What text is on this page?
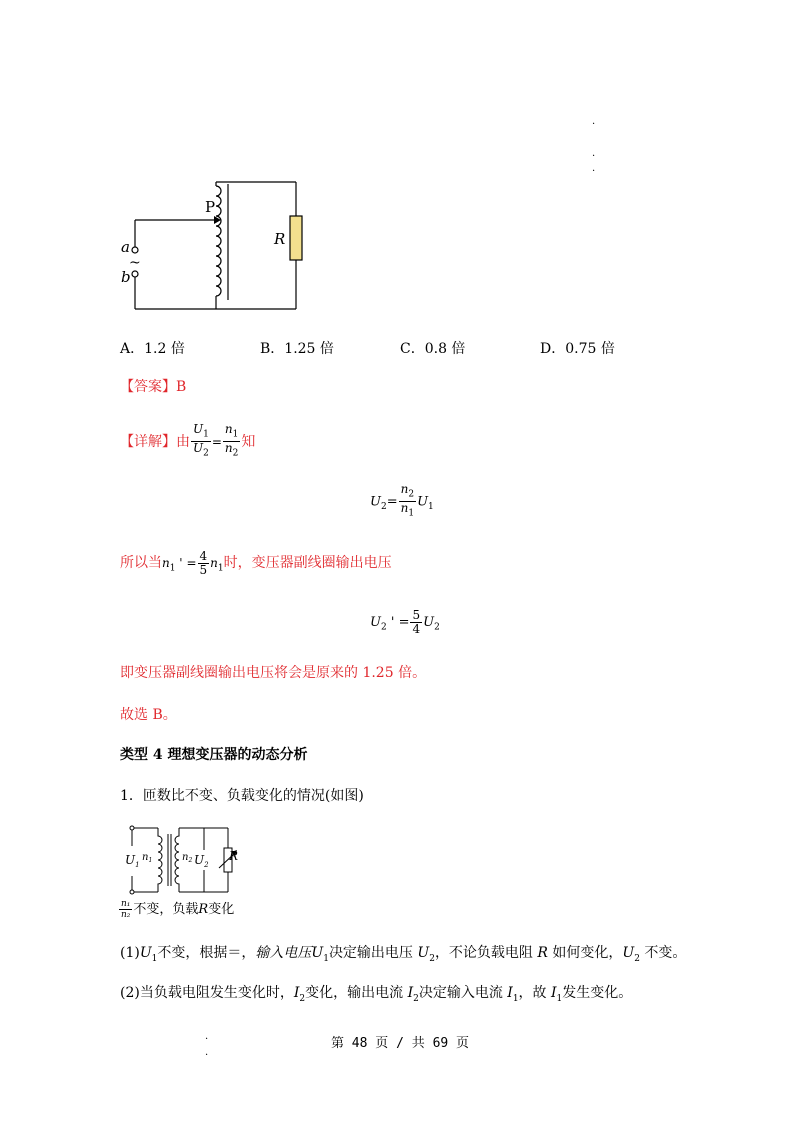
.
.
.
P
R
a
~
b
A．1.2 倍	B．1.25 倍	C．0.8 倍	D．0.75 倍
【答案】B
【详解】由 $\frac{U_1}{U_2} = \frac{n_1}{n_2}$ 知
$U_2= \frac{n_2}{n_1} U_1$
所以当$n_1$ ' = $\frac{4}{5} n_1$时，变压器副线圈输出电压
$U_2$ ' = $\frac{5}{4} U_2$
即变压器副线圈输出电压将会是原来的 1.25 倍。
故选 B。
类型 4 理想变压器的动态分析
1．匝数比不变、负载变化的情况(如图)
$U_1$
$n_1$	$n_2$ $U_2$
R
$\frac{\text{n₁}}{\text{n₂}}$ 不变，负载R变化
$(1)U_1$不变，根据＝，输入电压$U_1$决定输出电压 $U_2$，不论负载电阻 R 如何变化，$U_2$ 不变。
(2)当负载电阻发生变化时，$I_2$变化，输出电流 $I_2$决定输入电流 $I_1$，故 $I_1$发生变化。
.
.
第 48 页 / 共 69 页
